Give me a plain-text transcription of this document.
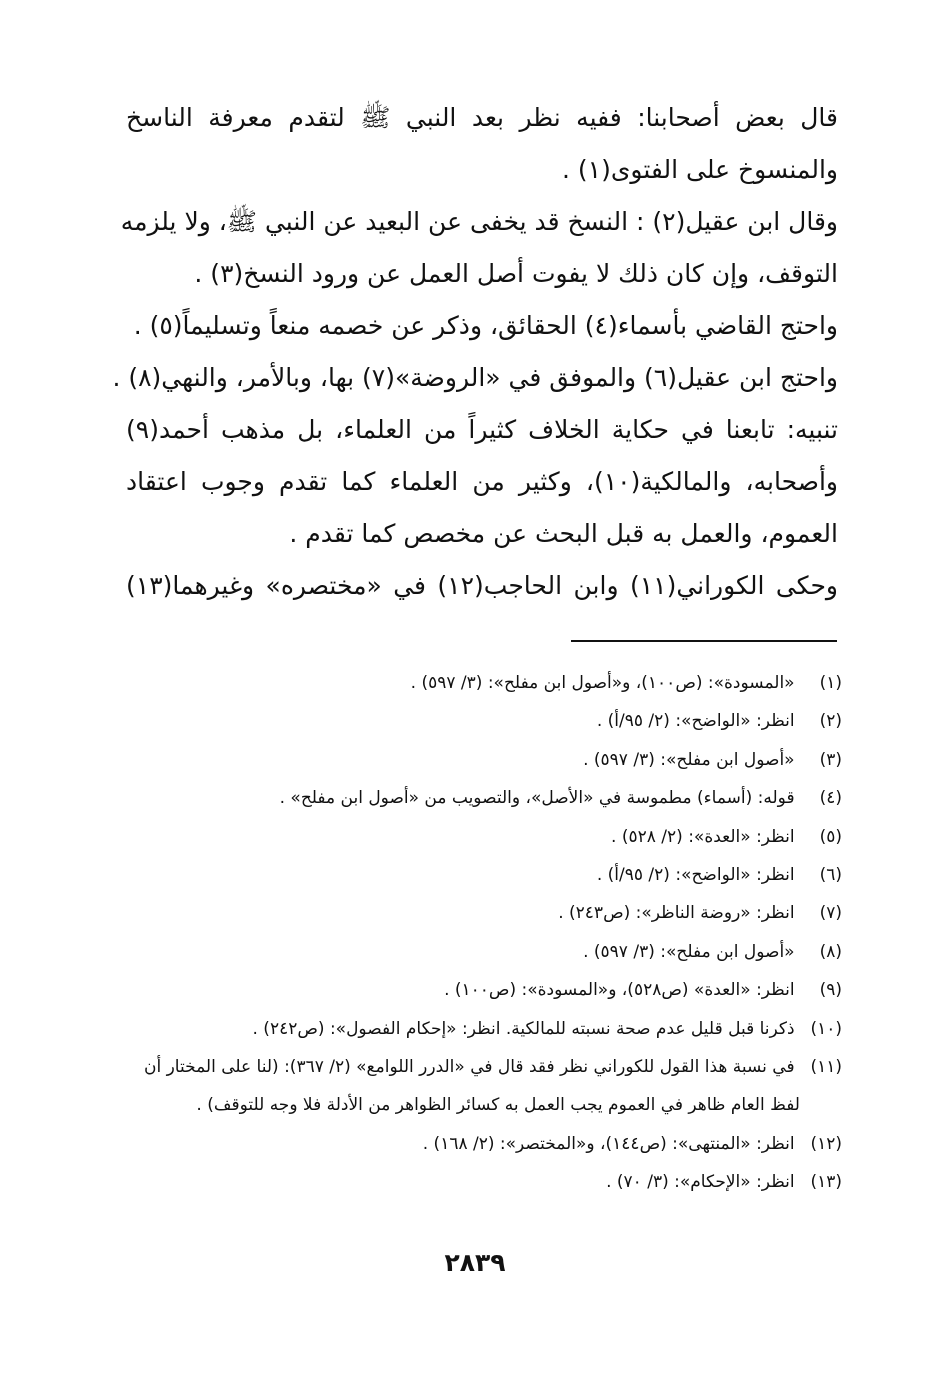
قال بعض أصحابنا: ففيه نظر بعد النبي ﷺ لتقدم معرفة الناسخ
والمنسوخ على الفتوى(١) .
وقال ابن عقيل(٢) : النسخ قد يخفى عن البعيد عن النبي ﷺ، ولا يلزمه
التوقف، وإن كان ذلك لا يفوت أصل العمل عن ورود النسخ(٣) .
واحتج القاضي بأسماء(٤) الحقائق، وذكر عن خصمه منعاً وتسليماً(٥) .
واحتج ابن عقيل(٦) والموفق في «الروضة»(٧) بها، وبالأمر، والنهي(٨) .
تنبيه: تابعنا في حكاية الخلاف كثيراً من العلماء، بل مذهب أحمد(٩)
وأصحابه، والمالكية(١٠)، وكثير من العلماء كما تقدم وجوب اعتقاد
العموم، والعمل به قبل البحث عن مخصص كما تقدم .
وحكى الكوراني(١١) وابن الحاجب(١٢) في «مختصره» وغيرهما(١٣)
(١) «المسودة»: (ص١٠٠)، و«أصول ابن مفلح»: (٣/ ٥٩٧) .
(٢) انظر: «الواضح»: (٢/ ٩٥/أ) .
(٣) «أصول ابن مفلح»: (٣/ ٥٩٧) .
(٤) قوله: (أسماء) مطموسة في «الأصل»، والتصويب من «أصول ابن مفلح» .
(٥) انظر: «العدة»: (٢/ ٥٢٨) .
(٦) انظر: «الواضح»: (٢/ ٩٥/أ) .
(٧) انظر: «روضة الناظر»: (ص٢٤٣) .
(٨) «أصول ابن مفلح»: (٣/ ٥٩٧) .
(٩) انظر: «العدة» (ص٥٢٨)، و«المسودة»: (ص١٠٠) .
(١٠) ذكرنا قبل قليل عدم صحة نسبته للمالكية. انظر: «إحكام الفصول»: (ص٢٤٢) .
(١١) في نسبة هذا القول للكوراني نظر فقد قال في «الدرر اللوامع» (٢/ ٣٦٧): (لنا على المختار أن
لفظ العام ظاهر في العموم يجب العمل به كسائر الظواهر من الأدلة فلا وجه للتوقف) .
(١٢) انظر: «المنتهى»: (ص١٤٤)، و«المختصر»: (٢/ ١٦٨) .
(١٣) انظر: «الإحكام»: (٣/ ٧٠) .
٢٨٣٩
